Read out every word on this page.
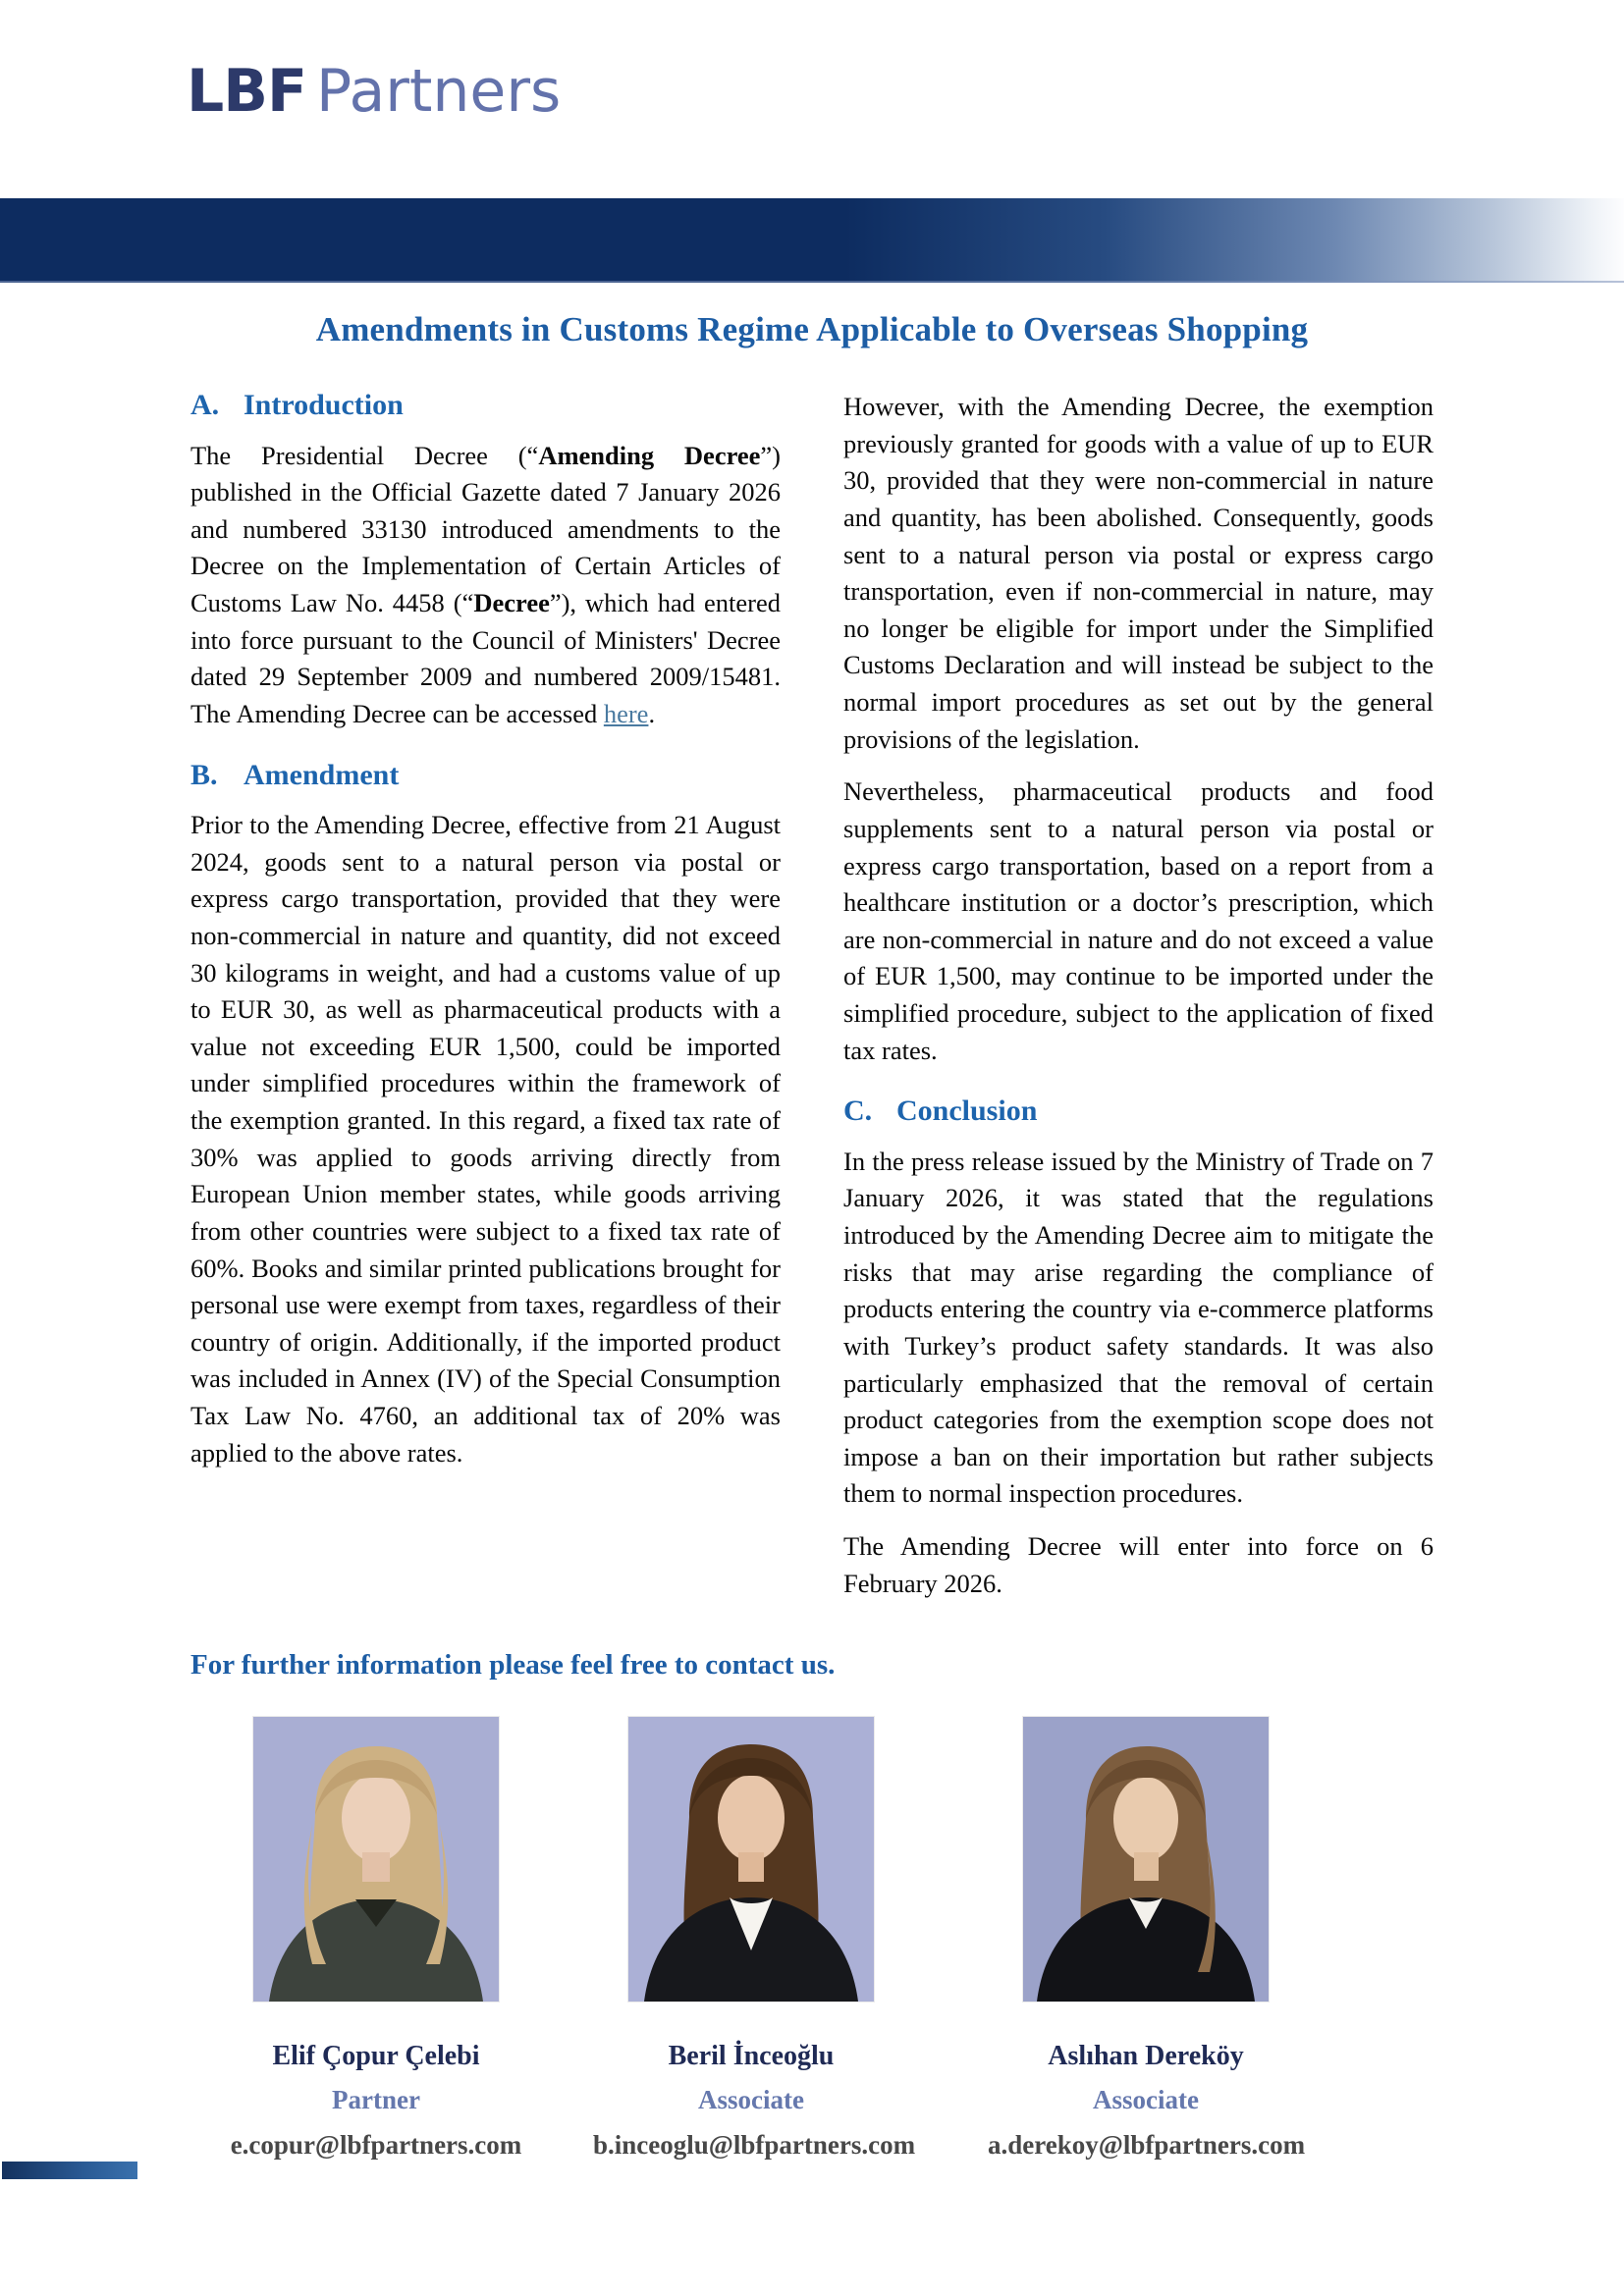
LBF Partners
Amendments in Customs Regime Applicable to Overseas Shopping
A. Introduction

The Presidential Decree (“Amending Decree”) published in the Official Gazette dated 7 January 2026 and numbered 33130 introduced amendments to the Decree on the Implementation of Certain Articles of Customs Law No. 4458 (“Decree”), which had entered into force pursuant to the Council of Ministers' Decree dated 29 September 2009 and numbered 2009/15481. The Amending Decree can be accessed here.

B. Amendment

Prior to the Amending Decree, effective from 21 August 2024, goods sent to a natural person via postal or express cargo transportation, provided that they were non-commercial in nature and quantity, did not exceed 30 kilograms in weight, and had a customs value of up to EUR 30, as well as pharmaceutical products with a value not exceeding EUR 1,500, could be imported under simplified procedures within the framework of the exemption granted. In this regard, a fixed tax rate of 30% was applied to goods arriving directly from European Union member states, while goods arriving from other countries were subject to a fixed tax rate of 60%. Books and similar printed publications brought for personal use were exempt from taxes, regardless of their country of origin. Additionally, if the imported product was included in Annex (IV) of the Special Consumption Tax Law No. 4760, an additional tax of 20% was applied to the above rates.

However, with the Amending Decree, the exemption previously granted for goods with a value of up to EUR 30, provided that they were non-commercial in nature and quantity, has been abolished. Consequently, goods sent to a natural person via postal or express cargo transportation, even if non-commercial in nature, may no longer be eligible for import under the Simplified Customs Declaration and will instead be subject to the normal import procedures as set out by the general provisions of the legislation.

Nevertheless, pharmaceutical products and food supplements sent to a natural person via postal or express cargo transportation, based on a report from a healthcare institution or a doctor’s prescription, which are non-commercial in nature and do not exceed a value of EUR 1,500, may continue to be imported under the simplified procedure, subject to the application of fixed tax rates.

C. Conclusion

In the press release issued by the Ministry of Trade on 7 January 2026, it was stated that the regulations introduced by the Amending Decree aim to mitigate the risks that may arise regarding the compliance of products entering the country via e-commerce platforms with Turkey’s product safety standards. It was also particularly emphasized that the removal of certain product categories from the exemption scope does not impose a ban on their importation but rather subjects them to normal inspection procedures.

The Amending Decree will enter into force on 6 February 2026.

For further information please feel free to contact us.
Elif Çopur Çelebi
Partner
e.copur@lbfpartners.com
Beril İnceoğlu
Associate
b.inceoglu@lbfpartners.com
Aslıhan Dereköy
Associate
a.derekoy@lbfpartners.com
